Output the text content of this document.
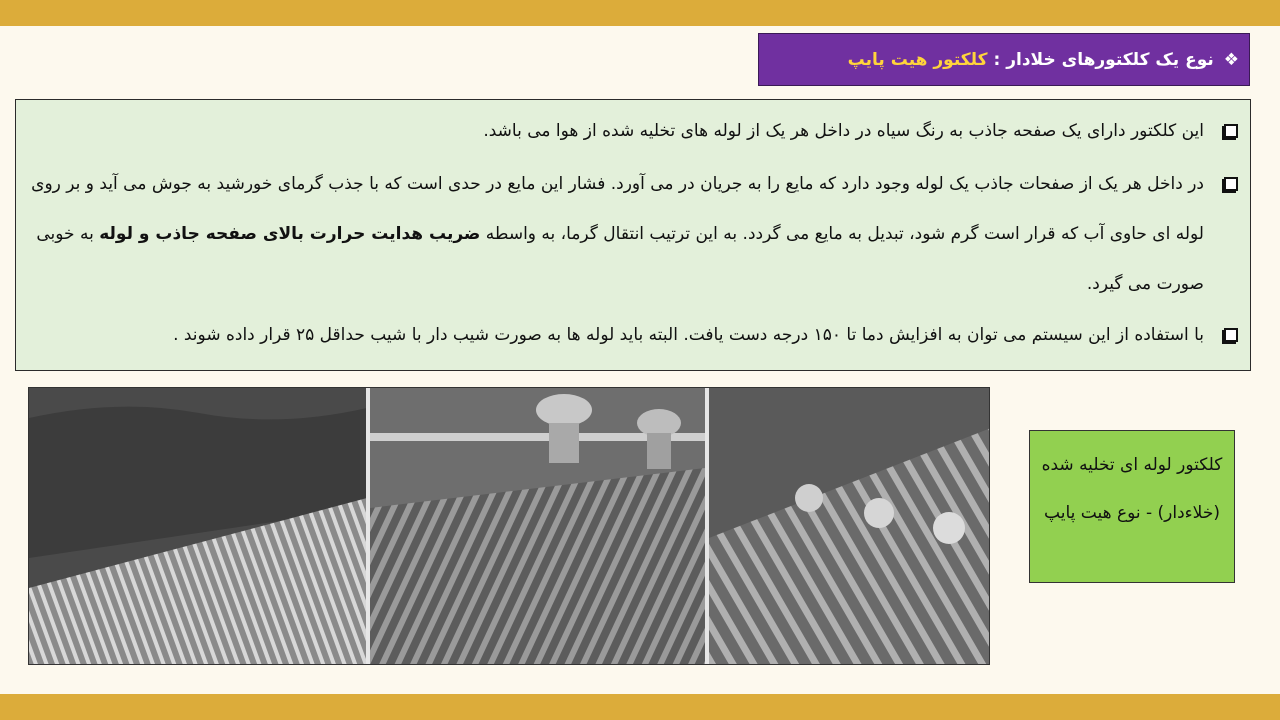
❖
نوع یک کلکتورهای خلادار :
کلکتور هیت پایپ

این کلکتور دارای یک صفحه جاذب به رنگ سیاه در داخل هر یک از لوله های تخلیه شده از هوا می باشد.

در داخل هر یک از صفحات جاذب یک لوله وجود دارد که مایع را به جریان در می آورد. فشار این مایع در حدی است که با جذب گرمای خورشید به جوش می آید و بر روی لوله ای حاوی آب که قرار است گرم شود، تبدیل به مایع می گردد. به این ترتیب انتقال گرما، به واسطه ضریب هدایت حرارت بالای صفحه جاذب و لوله به خوبی صورت می گیرد.

با استفاده از این سیستم می توان به افزایش دما تا ۱۵۰ درجه دست یافت. البته باید لوله ها به صورت شیب دار با شیب حداقل ۲۵ قرار داده شوند .

کلکتور لوله ای تخلیه شده (خلاءدار) - نوع هیت پایپ
